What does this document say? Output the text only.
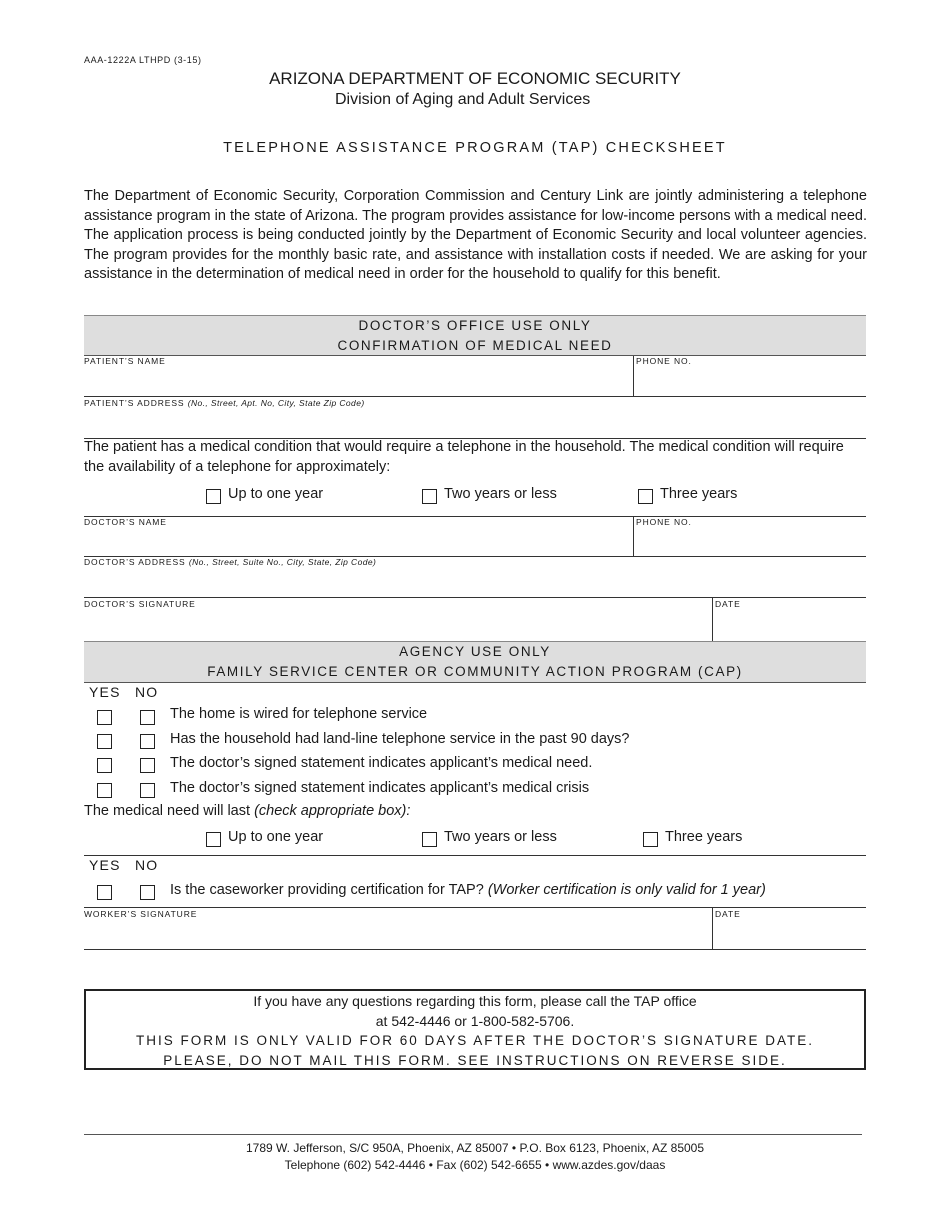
AAA-1222A LTHPD (3-15)
ARIZONA DEPARTMENT OF ECONOMIC SECURITY
Division of Aging and Adult Services
TELEPHONE ASSISTANCE PROGRAM (TAP) CHECKSHEET
The Department of Economic Security, Corporation Commission and Century Link are jointly administering a telephone assistance program in the state of Arizona. The program provides assistance for low-income persons with a medical need. The application process is being conducted jointly by the Department of Economic Security and local volunteer agencies. The program provides for the monthly basic rate, and assistance with installation costs if needed. We are asking for your assistance in the determination of medical need in order for the household to qualify for this benefit.
DOCTOR’S OFFICE USE ONLY
CONFIRMATION OF MEDICAL NEED
PATIENT’S NAME	PHONE NO.
PATIENT’S ADDRESS (No., Street, Apt. No, City, State Zip Code)
The patient has a medical condition that would require a telephone in the household. The medical condition will require the availability of a telephone for approximately:
Up to one year	Two years or less	Three years
DOCTOR’S NAME	PHONE NO.
DOCTOR’S ADDRESS (No., Street, Suite No., City, State, Zip Code)
DOCTOR’S SIGNATURE	DATE
AGENCY USE ONLY
FAMILY SERVICE CENTER OR COMMUNITY ACTION PROGRAM (CAP)
YES NO
The home is wired for telephone service
Has the household had land-line telephone service in the past 90 days?
The doctor’s signed statement indicates applicant’s medical need.
The doctor’s signed statement indicates applicant’s medical crisis
The medical need will last (check appropriate box):
Up to one year	Two years or less	Three years
YES NO
Is the caseworker providing certification for TAP? (Worker certification is only valid for 1 year)
WORKER’S SIGNATURE	DATE
If you have any questions regarding this form, please call the TAP office
at 542-4446 or 1-800-582-5706.
THIS FORM IS ONLY VALID FOR 60 DAYS AFTER THE DOCTOR’S SIGNATURE DATE.
PLEASE, DO NOT MAIL THIS FORM. SEE INSTRUCTIONS ON REVERSE SIDE.
1789 W. Jefferson, S/C 950A, Phoenix, AZ 85007 • P.O. Box 6123, Phoenix, AZ 85005
Telephone (602) 542-4446 • Fax (602) 542-6655 • www.azdes.gov/daas
